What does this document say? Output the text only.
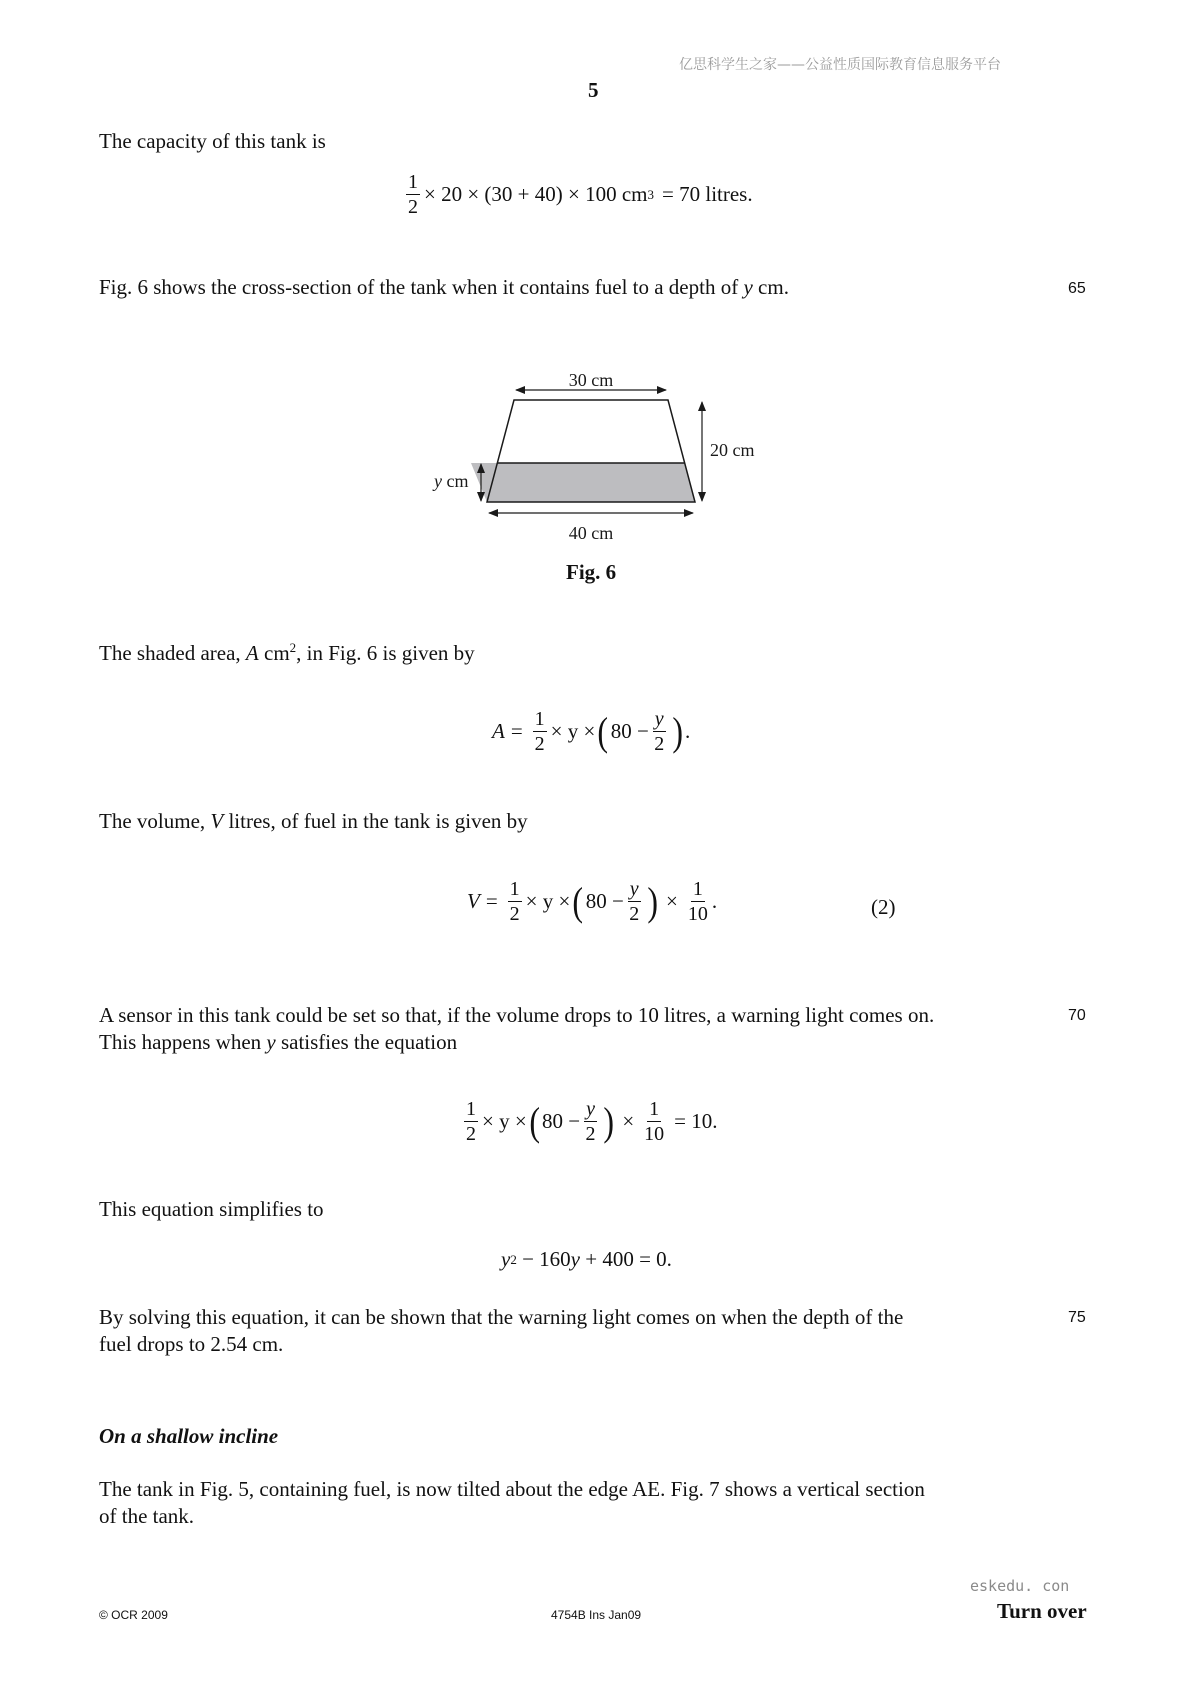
亿思科学生之家——公益性质国际教育信息服务平台
5
The capacity of this tank is
$\frac{1}{2} \times 20 \times (30 + 40) \times 100$ cm 3 = 70 litres.
Fig. 6 shows the cross-section of the tank when it contains fuel to a depth of y cm.	65
30 cm
20 cm
y cm
40 cm
Fig. 6
The shaded area, A $cm^2$, in Fig. 6 is given by
$A = \frac{1}{2} \times y$ × ( $80 - \frac{y}{2}$ ) .
The volume, V litres, of fuel in the tank is given by
$V = \frac{1}{2} \times y$ × ( $80 - \frac{y}{2}$ ) × $\frac{1}{10}$ .	(2)
A sensor in this tank could be set so that, if the volume drops to 10 litres, a warning light comes on.
This happens when y satisfies the equation
70
$\frac{1}{2} \times y$ × ( $80 - \frac{y}{2}$ ) × $\frac{1}{10} = 10$.
This equation simplifies to
y 2 − 160 y + 400 = 0.
By solving this equation, it can be shown that the warning light comes on when the depth of the
fuel drops to 2.54 cm.
75
On a shallow incline
The tank in Fig. 5, containing fuel, is now tilted about the edge AE. Fig. 7 shows a vertical section
of the tank.
eskedu. con
© OCR 2009	4754B Ins Jan09	Turn over
